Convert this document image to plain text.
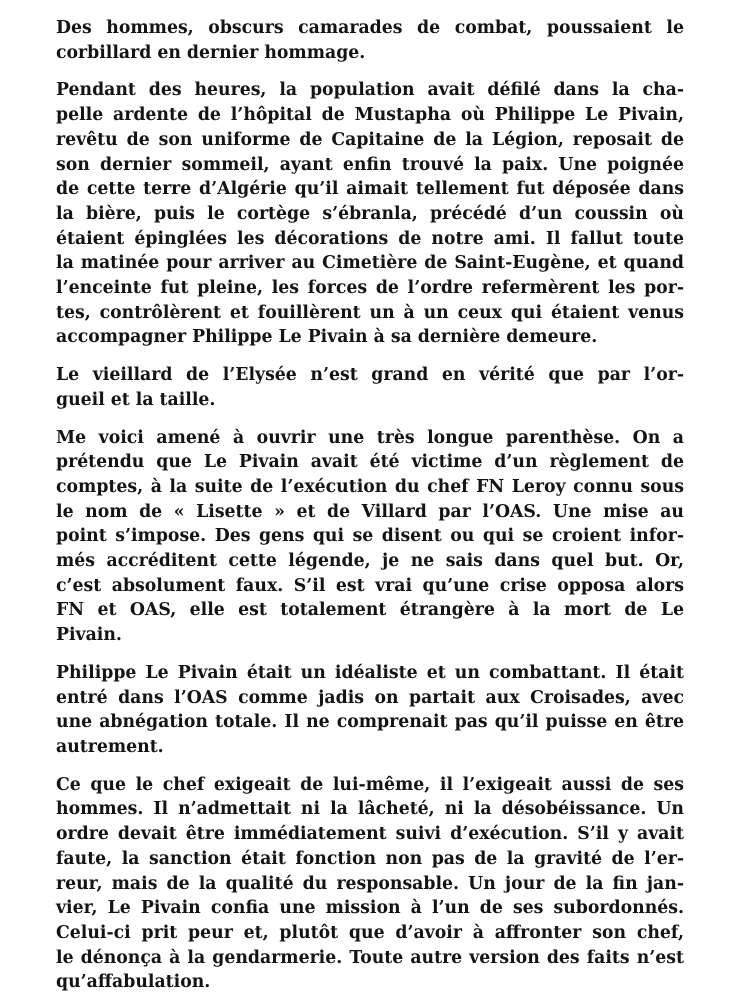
Des hommes, obscurs camarades de combat, poussaient le
corbillard en dernier hommage.

Pendant des heures, la population avait défilé dans la cha-
pelle ardente de l’hôpital de Mustapha où Philippe Le Pivain,
revêtu de son uniforme de Capitaine de la Légion, reposait de
son dernier sommeil, ayant enfin trouvé la paix. Une poignée
de cette terre d’Algérie qu’il aimait tellement fut déposée dans
la bière, puis le cortège s’ébranla, précédé d’un coussin où
étaient épinglées les décorations de notre ami. Il fallut toute
la matinée pour arriver au Cimetière de Saint-Eugène, et quand
l’enceinte fut pleine, les forces de l’ordre refermèrent les por-
tes, contrôlèrent et fouillèrent un à un ceux qui étaient venus
accompagner Philippe Le Pivain à sa dernière demeure.

Le vieillard de l’Elysée n’est grand en vérité que par l’or-
gueil et la taille.

Me voici amené à ouvrir une très longue parenthèse. On a
prétendu que Le Pivain avait été victime d’un règlement de
comptes, à la suite de l’exécution du chef FN Leroy connu sous
le nom de « Lisette » et de Villard par l’OAS. Une mise au
point s’impose. Des gens qui se disent ou qui se croient infor-
més accréditent cette légende, je ne sais dans quel but. Or,
c’est absolument faux. S’il est vrai qu’une crise opposa alors
FN et OAS, elle est totalement étrangère à la mort de Le
Pivain.

Philippe Le Pivain était un idéaliste et un combattant. Il était
entré dans l’OAS comme jadis on partait aux Croisades, avec
une abnégation totale. Il ne comprenait pas qu’il puisse en être
autrement.

Ce que le chef exigeait de lui-même, il l’exigeait aussi de ses
hommes. Il n’admettait ni la lâcheté, ni la désobéissance. Un
ordre devait être immédiatement suivi d’exécution. S’il y avait
faute, la sanction était fonction non pas de la gravité de l’er-
reur, mais de la qualité du responsable. Un jour de la fin jan-
vier, Le Pivain confia une mission à l’un de ses subordonnés.
Celui-ci prit peur et, plutôt que d’avoir à affronter son chef,
le dénonça à la gendarmerie. Toute autre version des faits n’est
qu’affabulation.
